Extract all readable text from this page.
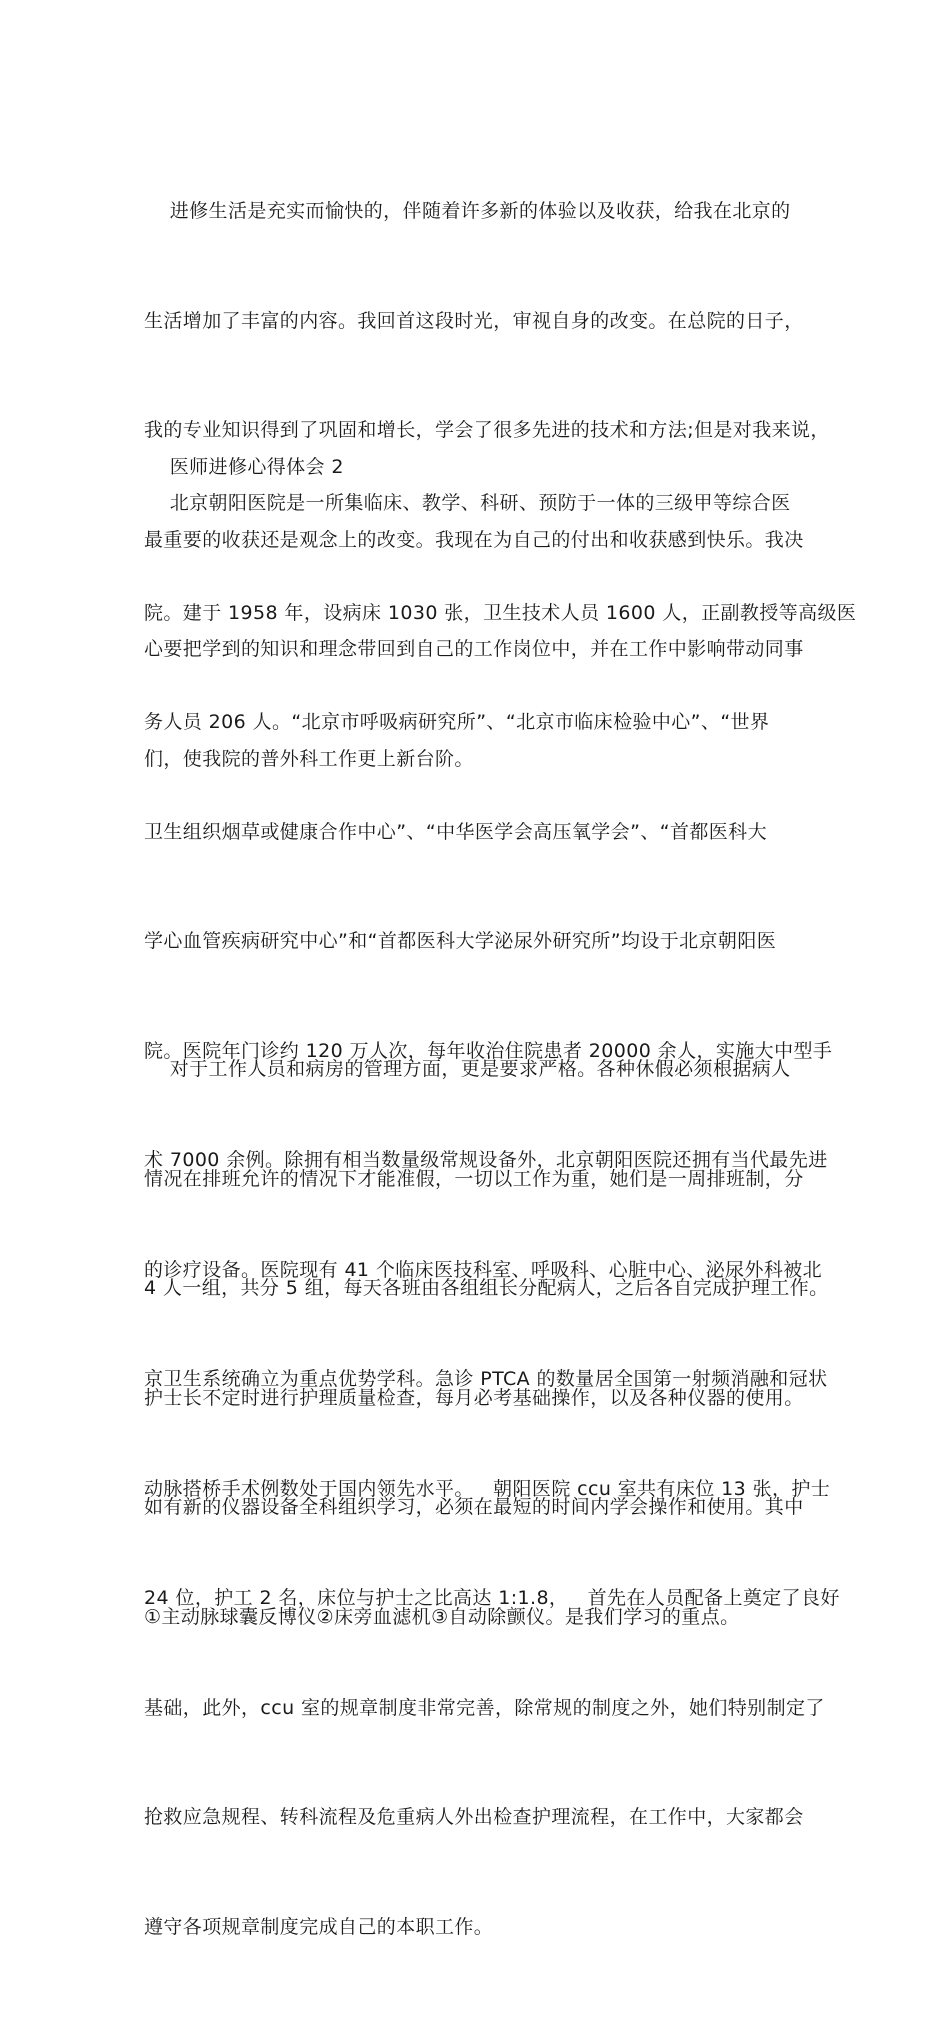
进修生活是充实而愉快的，伴随着许多新的体验以及收获，给我在北京的

生活增加了丰富的内容。我回首这段时光，审视自身的改变。在总院的日子，

我的专业知识得到了巩固和增长，学会了很多先进的技术和方法;但是对我来说，

最重要的收获还是观念上的改变。我现在为自己的付出和收获感到快乐。我决

心要把学到的知识和理念带回到自己的工作岗位中，并在工作中影响带动同事

们，使我院的普外科工作更上新台阶。

医师进修心得体会 2

北京朝阳医院是一所集临床、教学、科研、预防于一体的三级甲等综合医

院。建于 1958 年，设病床 1030 张，卫生技术人员 1600 人，正副教授等高级医

务人员 206 人。“北京市呼吸病研究所”、“北京市临床检验中心”、“世界

卫生组织烟草或健康合作中心”、“中华医学会高压氧学会”、“首都医科大

学心血管疾病研究中心”和“首都医科大学泌尿外研究所”均设于北京朝阳医

院。医院年门诊约 120 万人次，每年收治住院患者 20000 余人，实施大中型手

术 7000 余例。除拥有相当数量级常规设备外，北京朝阳医院还拥有当代最先进

的诊疗设备。医院现有 41 个临床医技科室、呼吸科、心脏中心、泌尿外科被北

京卫生系统确立为重点优势学科。急诊 PTCA 的数量居全国第一射频消融和冠状

动脉搭桥手术例数处于国内领先水平。   朝阳医院 ccu 室共有床位 13 张，护士

24 位，护工 2 名，床位与护士之比高达 1:1.8，   首先在人员配备上奠定了良好

基础，此外，ccu 室的规章制度非常完善，除常规的制度之外，她们特别制定了

抢救应急规程、转科流程及危重病人外出检查护理流程，在工作中，大家都会

遵守各项规章制度完成自己的本职工作。

对于工作人员和病房的管理方面，更是要求严格。各种休假必须根据病人

情况在排班允许的情况下才能准假，一切以工作为重，她们是一周排班制，分

4 人一组，共分 5 组，每天各班由各组组长分配病人，之后各自完成护理工作。

护士长不定时进行护理质量检查，每月必考基础操作，以及各种仪器的使用。

如有新的仪器设备全科组织学习，必须在最短的时间内学会操作和使用。其中

①主动脉球囊反博仪②床旁血滤机③自动除颤仪。是我们学习的重点。
